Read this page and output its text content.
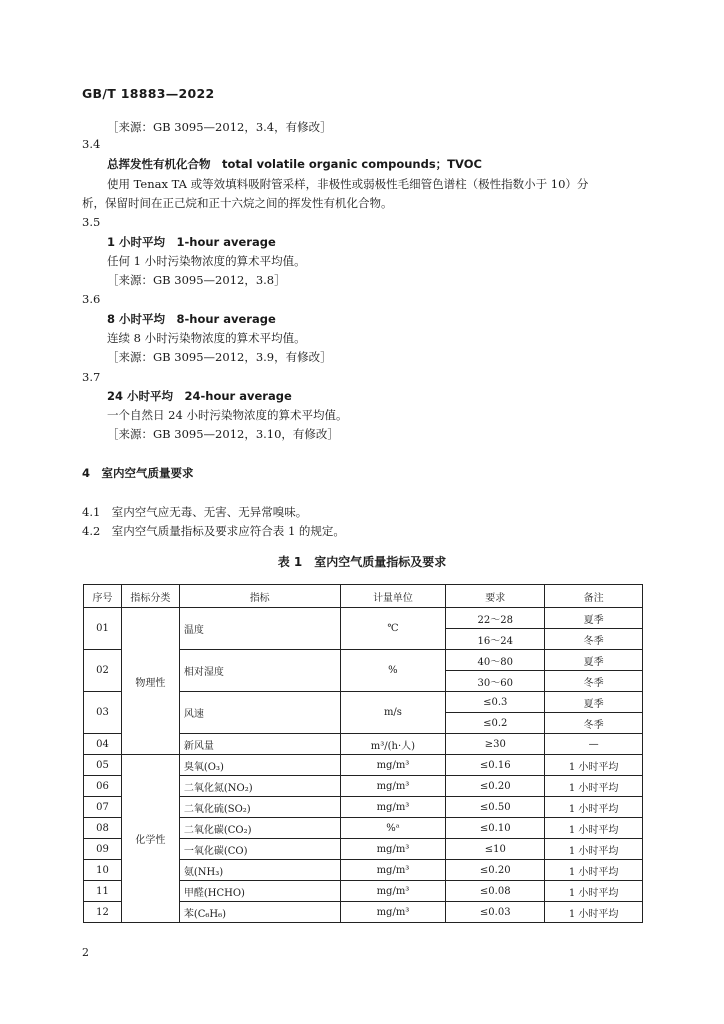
GB/T 18883—2022
［来源：GB 3095—2012，3.4，有修改］
3.4
总挥发性有机化合物　total volatile organic compounds；TVOC
使用 Tenax TA 或等效填料吸附管采样，非极性或弱极性毛细管色谱柱（极性指数小于 10）分
析，保留时间在正己烷和正十六烷之间的挥发性有机化合物。
3.5
1 小时平均　1-hour average
任何 1 小时污染物浓度的算术平均值。
［来源：GB 3095—2012，3.8］
3.6
8 小时平均　8-hour average
连续 8 小时污染物浓度的算术平均值。
［来源：GB 3095—2012，3.9，有修改］
3.7
24 小时平均　24-hour average
一个自然日 24 小时污染物浓度的算术平均值。
［来源：GB 3095—2012，3.10，有修改］
4　室内空气质量要求
4.1　室内空气应无毒、无害、无异常嗅味。
4.2　室内空气质量指标及要求应符合表 1 的规定。
表 1　室内空气质量指标及要求
序号	指标分类	指标	计量单位	要求	备注
01	物理性	温度	℃	22～28	夏季
				16～24	冬季
02		相对湿度	%	40～80	夏季
				30～60	冬季
03		风速	m/s	≤0.3	夏季
				≤0.2	冬季
04		新风量	m³/(h·人)	≥30	—
05	化学性	臭氧(O₃)	mg/m³	≤0.16	1 小时平均
06		二氧化氮(NO₂)	mg/m³	≤0.20	1 小时平均
07		二氧化硫(SO₂)	mg/m³	≤0.50	1 小时平均
08		二氧化碳(CO₂)	%ᵃ	≤0.10	1 小时平均
09		一氧化碳(CO)	mg/m³	≤10	1 小时平均
10		氨(NH₃)	mg/m³	≤0.20	1 小时平均
11		甲醛(HCHO)	mg/m³	≤0.08	1 小时平均
12		苯(C₆H₆)	mg/m³	≤0.03	1 小时平均
2
